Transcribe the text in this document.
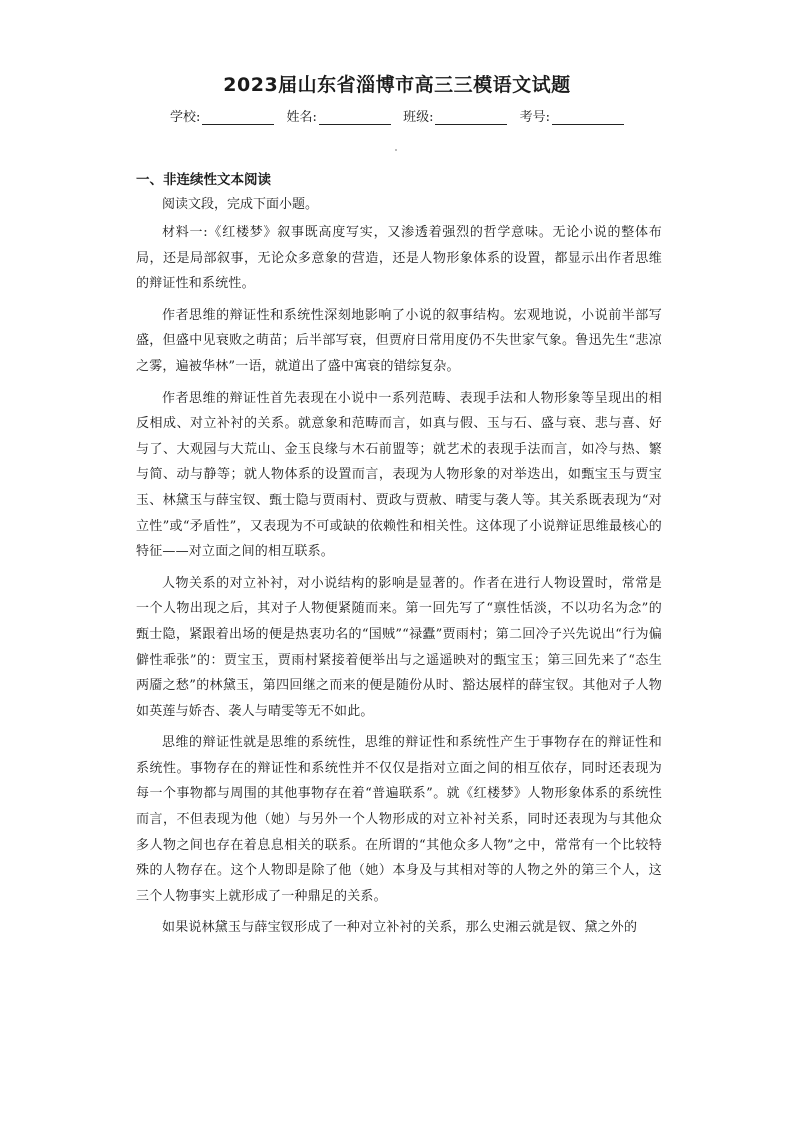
2023届山东省淄博市高三三模语文试题
学校:	姓名:	班级:	考号:
一、非连续性文本阅读
阅读文段，完成下面小题。

材料一:《红楼梦》叙事既高度写实，又渗透着强烈的哲学意味。无论小说的整体布局，还是局部叙事，无论众多意象的营造，还是人物形象体系的设置，都显示出作者思维的辩证性和系统性。

作者思维的辩证性和系统性深刻地影响了小说的叙事结构。宏观地说，小说前半部写盛，但盛中见衰败之萌苗；后半部写衰，但贾府日常用度仍不失世家气象。鲁迅先生“悲凉之雾，遍被华林”一语，就道出了盛中寓衰的错综复杂。

作者思维的辩证性首先表现在小说中一系列范畴、表现手法和人物形象等呈现出的相反相成、对立补衬的关系。就意象和范畴而言，如真与假、玉与石、盛与衰、悲与喜、好与了、大观园与大荒山、金玉良缘与木石前盟等；就艺术的表现手法而言，如冷与热、繁与简、动与静等；就人物体系的设置而言，表现为人物形象的对举迭出，如甄宝玉与贾宝玉、林黛玉与薛宝钗、甄士隐与贾雨村、贾政与贾赦、晴雯与袭人等。其关系既表现为“对立性”或“矛盾性”，又表现为不可或缺的依赖性和相关性。这体现了小说辩证思维最核心的特征——对立面之间的相互联系。

人物关系的对立补衬，对小说结构的影响是显著的。作者在进行人物设置时，常常是一个人物出现之后，其对子人物便紧随而来。第一回先写了“禀性恬淡，不以功名为念”的甄士隐，紧跟着出场的便是热衷功名的“国贼”“禄蠹”贾雨村；第二回冷子兴先说出“行为偏僻性乖张”的：贾宝玉，贾雨村紧接着便举出与之遥遥映对的甄宝玉；第三回先来了“态生两靥之愁”的林黛玉，第四回继之而来的便是随份从时、豁达展样的薛宝钗。其他对子人物如英莲与娇杏、袭人与晴雯等无不如此。

思维的辩证性就是思维的系统性，思维的辩证性和系统性产生于事物存在的辩证性和系统性。事物存在的辩证性和系统性并不仅仅是指对立面之间的相互依存，同时还表现为每一个事物都与周围的其他事物存在着“普遍联系”。就《红楼梦》人物形象体系的系统性而言，不但表现为他（她）与另外一个人物形成的对立补衬关系，同时还表现为与其他众多人物之间也存在着息息相关的联系。在所谓的“其他众多人物”之中，常常有一个比较特殊的人物存在。这个人物即是除了他（她）本身及与其相对等的人物之外的第三个人，这三个人物事实上就形成了一种鼎足的关系。

如果说林黛玉与薛宝钗形成了一种对立补衬的关系，那么史湘云就是钗、黛之外的
